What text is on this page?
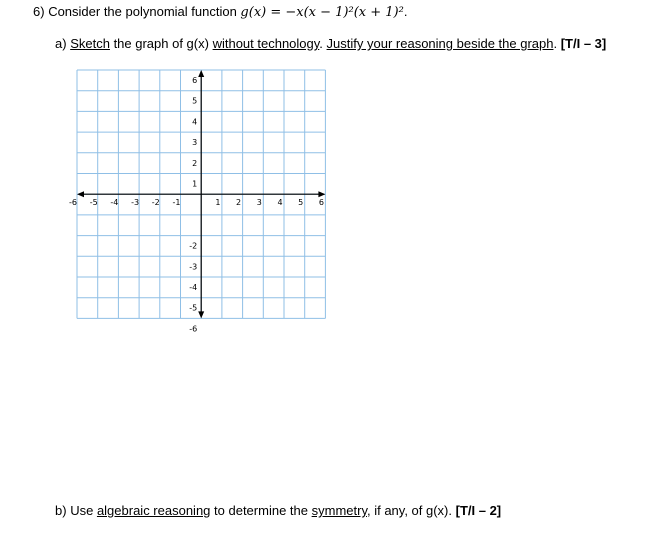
6) Consider the polynomial function g(x) = −x(x − 1)²(x + 1)².
a) Sketch the graph of g(x) without technology. Justify your reasoning beside the graph. [T/I – 3]
-6 -5 -4 -3 -2 -1	1 2 3 4 5 6
6
5
4
3
2
1
-2
-3
-4
-5
-6
b) Use algebraic reasoning to determine the symmetry, if any, of g(x). [T/I – 2]
